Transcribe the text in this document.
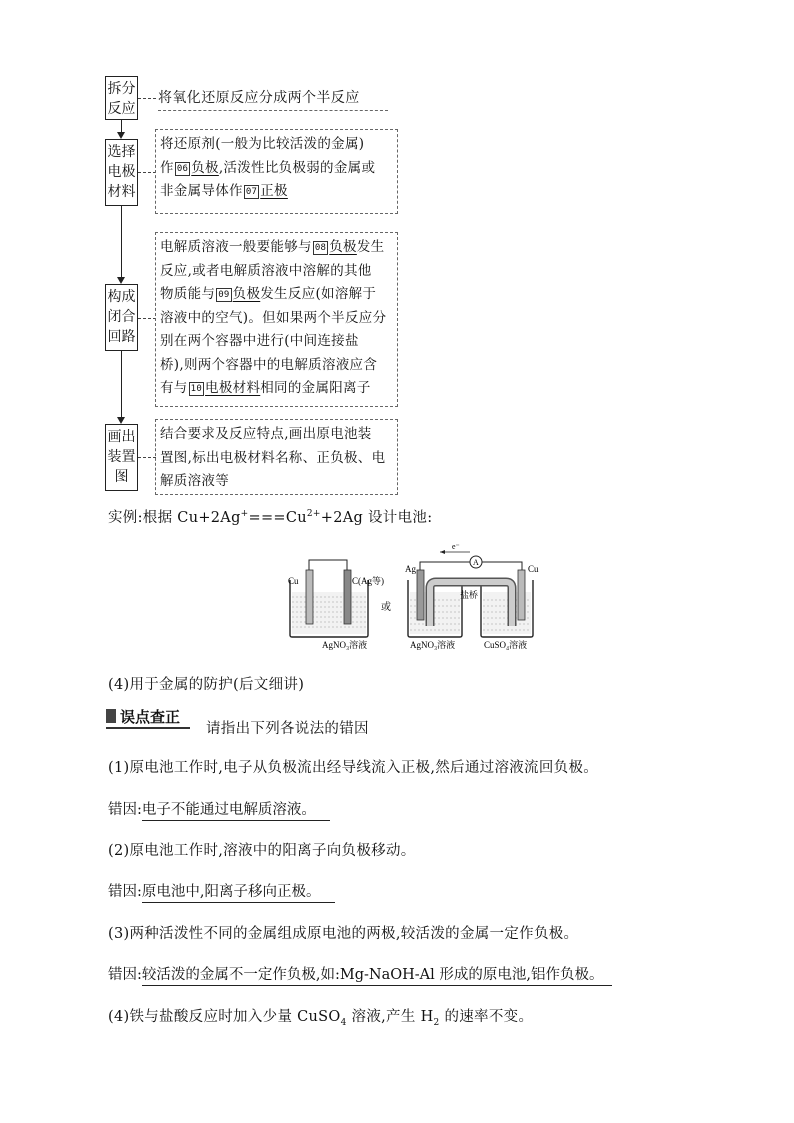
拆分
反应
选择
电极
材料
构成
闭合
回路
画出
装置
图
将氧化还原反应分成两个半反应
将还原剂(一般为比较活泼的金属)
作 06 负极,活泼性比负极弱的金属或
非金属导体作 07 正极
电解质溶液一般要能够与 08 负极发生
反应,或者电解质溶液中溶解的其他
物质能与 09 负极发生反应(如溶解于
溶液中的空气)。但如果两个半反应分
别在两个容器中进行(中间连接盐
桥),则两个容器中的电解质溶液应含
有与 10 电极材料相同的金属阳离子
结合要求及反应特点,画出原电池装
置图,标出电极材料名称、正负极、电
解质溶液等
实例:根据 $Cu+2Ag^+===Cu^{2+}+2Ag$ 设计电池:
Cu	C(Ag等)
AgNO₃溶液
或
A
e⁻
Ag	Cu
盐桥
AgNO₃溶液	CuSO₄溶液
(4)用于金属的防护(后文细讲)
误点查正
请指出下列各说法的错因
(1)原电池工作时,电子从负极流出经导线流入正极,然后通过溶液流回负极。
错因:电子不能通过电解质溶液。
(2)原电池工作时,溶液中的阳离子向负极移动。
错因:原电池中,阳离子移向正极。
(3)两种活泼性不同的金属组成原电池的两极,较活泼的金属一定作负极。
错因:较活泼的金属不一定作负极,如:Mg-NaOH-Al 形成的原电池,铝作负极。
(4)铁与盐酸反应时加入少量 CuSO$_4$ 溶液,产生 $H_2$ 的速率不变。
